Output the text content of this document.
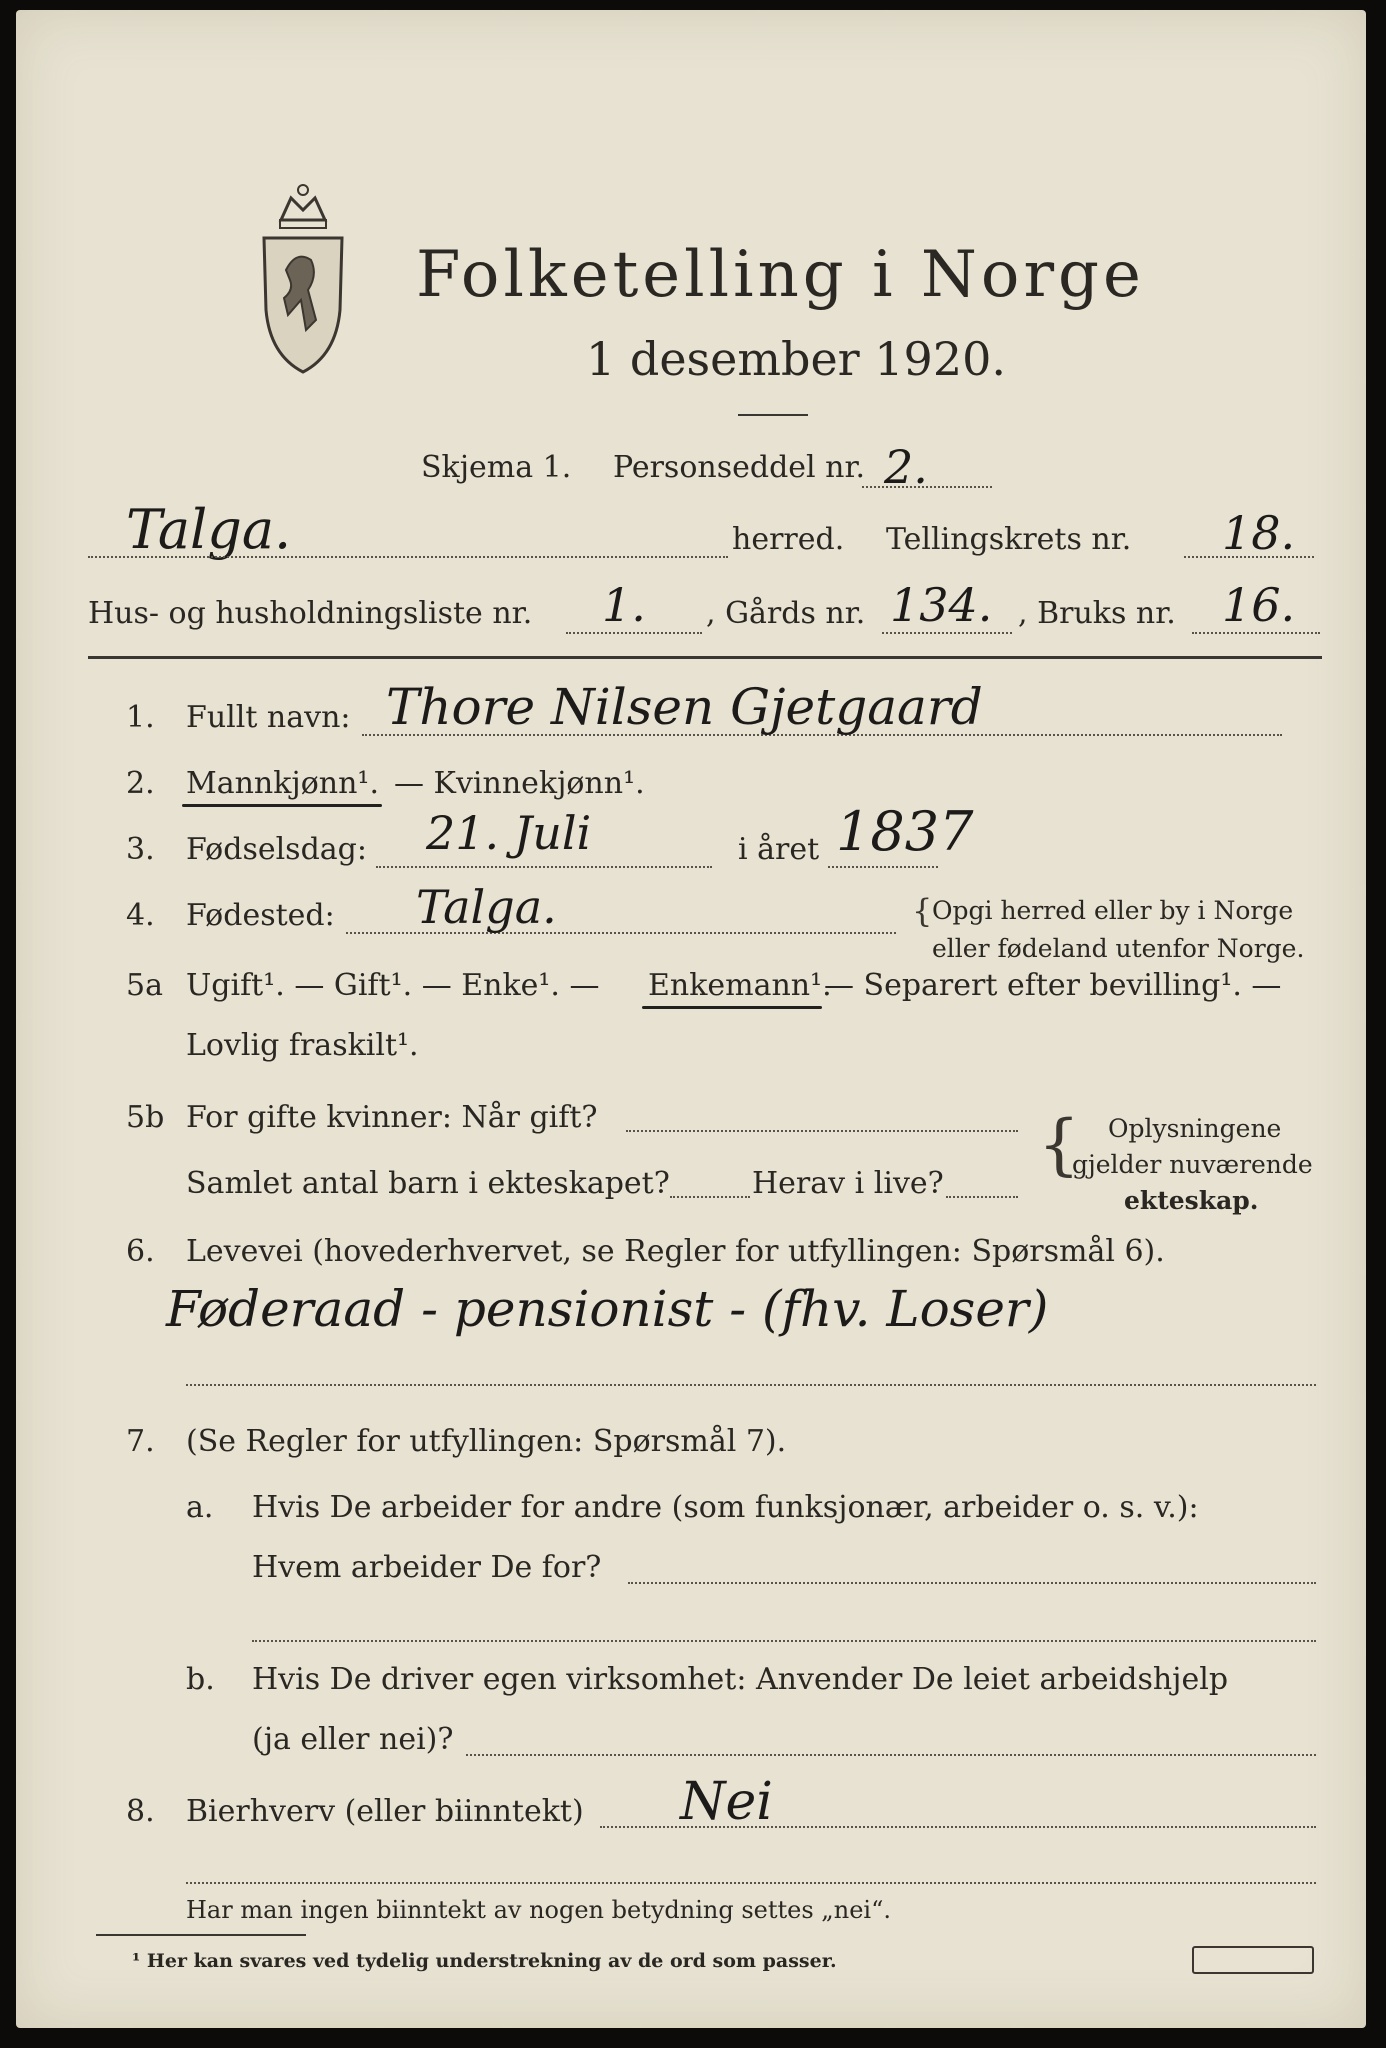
Folketelling i Norge
1 desember 1920.
Skjema 1. Personseddel nr. 2.
Talga.	herred. Tellingskrets nr. 18.
Hus- og husholdningsliste nr. 1. , Gårds nr. 134. , Bruks nr. 16.
1. Fullt navn: Thore Nilsen Gjetgaard
2. Mannkjønn¹. — Kvinnekjønn¹.
3. Fødselsdag: 21. Juli	i året 1837
4. Fødested: Talga.	{ Opgi herred eller by i Norge
eller fødeland utenfor Norge.
5a Ugift¹. — Gift¹. — Enke¹. — Enkemann¹.
— Separert efter bevilling¹. —
Lovlig fraskilt¹.
5b For gifte kvinner: Når gift?
Samlet antal barn i ekteskapet?	Herav i live?
{ Oplysningene
gjelder nuværende
ekteskap.
6. Levevei (hovederhvervet, se Regler for utfyllingen: Spørsmål 6).
Føderaad - pensionist - (fhv. Loser)
7. (Se Regler for utfyllingen: Spørsmål 7).
a. Hvis De arbeider for andre (som funksjonær, arbeider o. s. v.):
Hvem arbeider De for?
b. Hvis De driver egen virksomhet: Anvender De leiet arbeidshjelp
(ja eller nei)?
8. Bierhverv (eller biinntekt) Nei
Har man ingen biinntekt av nogen betydning settes „nei“.
¹ Her kan svares ved tydelig understrekning av de ord som passer.
